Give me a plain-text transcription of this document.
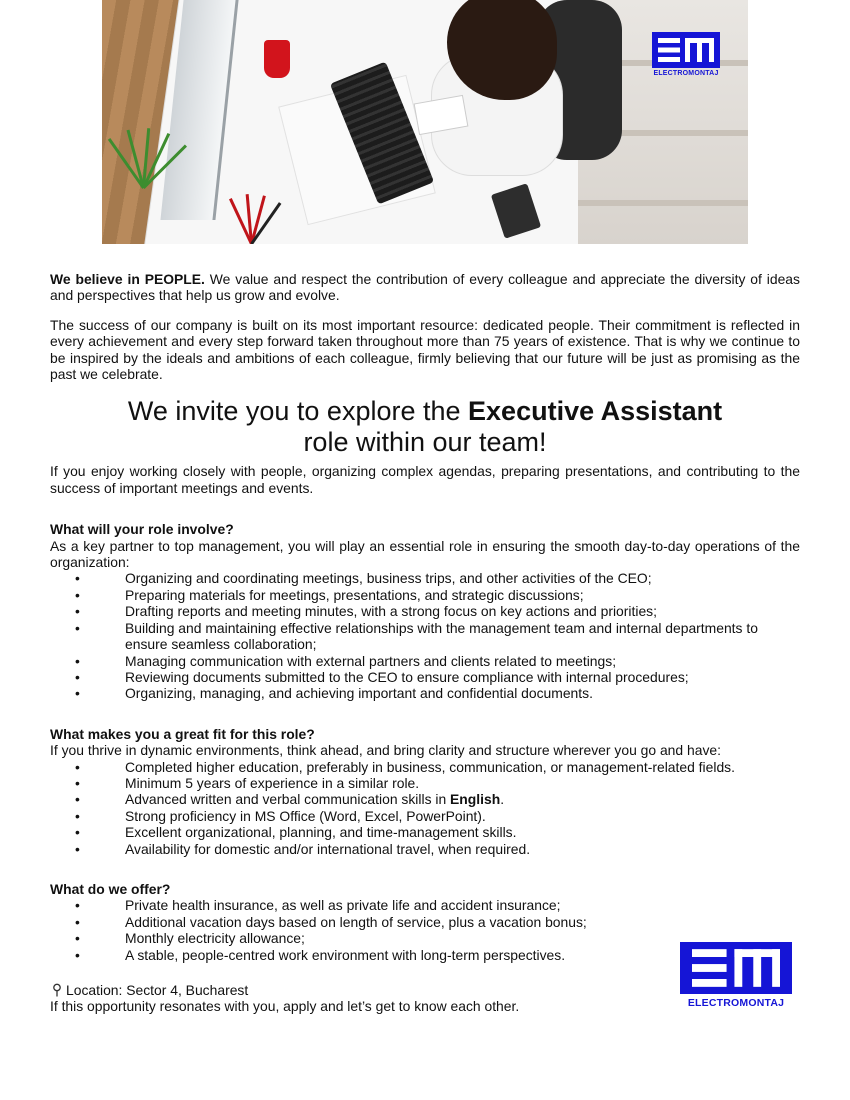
ELECTROMONTAJ

We believe in PEOPLE. We value and respect the contribution of every colleague and appreciate the diversity of ideas and perspectives that help us grow and evolve.

The success of our company is built on its most important resource: dedicated people. Their commitment is reflected in every achievement and every step forward taken throughout more than 75 years of existence. That is why we continue to be inspired by the ideals and ambitions of each colleague, firmly believing that our future will be just as promising as the past we celebrate.

We invite you to explore the Executive Assistant
role within our team!

If you enjoy working closely with people, organizing complex agendas, preparing presentations, and contributing to the success of important meetings and events.

What will your role involve?

As a key partner to top management, you will play an essential role in ensuring the smooth day-to-day operations of the organization:

•	Organizing and coordinating meetings, business trips, and other activities of the CEO;
•	Preparing materials for meetings, presentations, and strategic discussions;
•	Drafting reports and meeting minutes, with a strong focus on key actions and priorities;
•	Building and maintaining effective relationships with the management team and internal departments to ensure seamless collaboration;
•	Managing communication with external partners and clients related to meetings;
•	Reviewing documents submitted to the CEO to ensure compliance with internal procedures;
•	Organizing, managing, and achieving important and confidential documents.
What makes you a great fit for this role?

If you thrive in dynamic environments, think ahead, and bring clarity and structure wherever you go and have:

•	Completed higher education, preferably in business, communication, or management-related fields.
•	Minimum 5 years of experience in a similar role.
•	Advanced written and verbal communication skills in English.
•	Strong proficiency in MS Office (Word, Excel, PowerPoint).
•	Excellent organizational, planning, and time-management skills.
•	Availability for domestic and/or international travel, when required.
What do we offer?
•	Private health insurance, as well as private life and accident insurance;
•	Additional vacation days based on length of service, plus a vacation bonus;
•	Monthly electricity allowance;
•	A stable, people-centred work environment with long-term perspectives.
Location: Sector 4, Bucharest

If this opportunity resonates with you, apply and let’s get to know each other.	ELECTROMONTAJ
